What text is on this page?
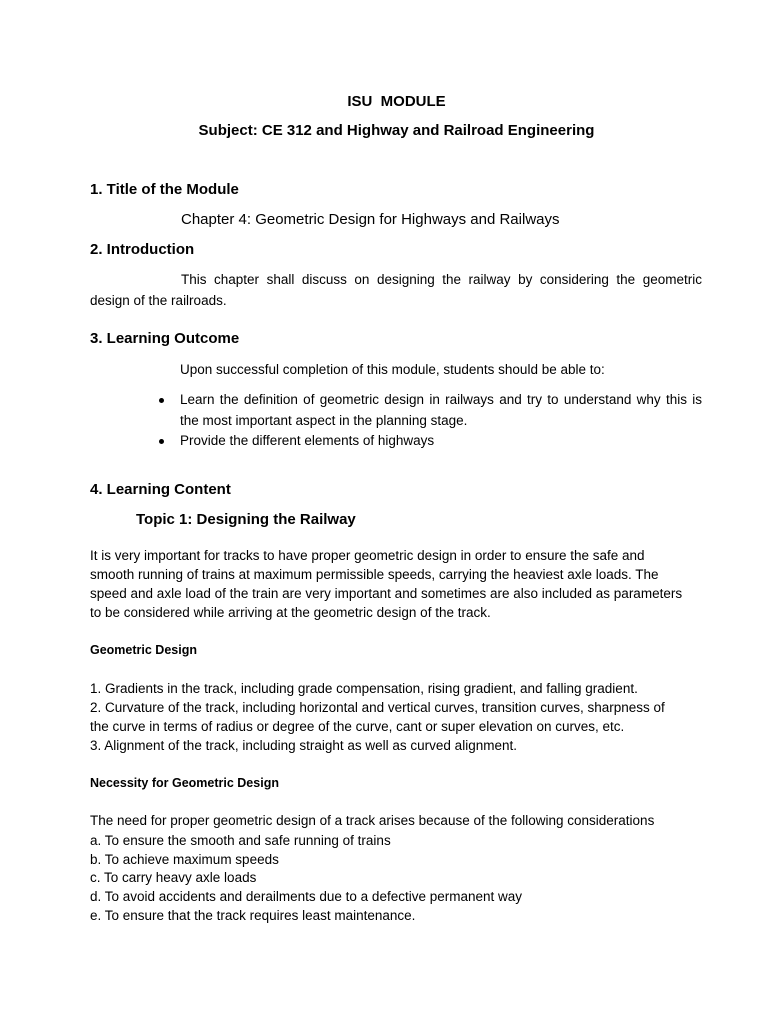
ISU  MODULE
Subject: CE 312 and Highway and Railroad Engineering
1. Title of the Module
Chapter 4: Geometric Design for Highways and Railways
2. Introduction
This chapter shall discuss on designing the railway by considering the geometric
design of the railroads.
3. Learning Outcome
Upon successful completion of this module, students should be able to:
Learn the definition of geometric design in railways and try to understand why this is
the most important aspect in the planning stage.
Provide the different elements of highways
4. Learning Content
Topic 1: Designing the Railway
It is very important for tracks to have proper geometric design in order to ensure the safe and
smooth running of trains at maximum permissible speeds, carrying the heaviest axle loads. The
speed and axle load of the train are very important and sometimes are also included as parameters
to be considered while arriving at the geometric design of the track.
Geometric Design
1. Gradients in the track, including grade compensation, rising gradient, and falling gradient.
2. Curvature of the track, including horizontal and vertical curves, transition curves, sharpness of
the curve in terms of radius or degree of the curve, cant or super elevation on curves, etc.
3. Alignment of the track, including straight as well as curved alignment.
Necessity for Geometric Design
The need for proper geometric design of a track arises because of the following considerations
a. To ensure the smooth and safe running of trains
b. To achieve maximum speeds
c. To carry heavy axle loads
d. To avoid accidents and derailments due to a defective permanent way
e. To ensure that the track requires least maintenance.
